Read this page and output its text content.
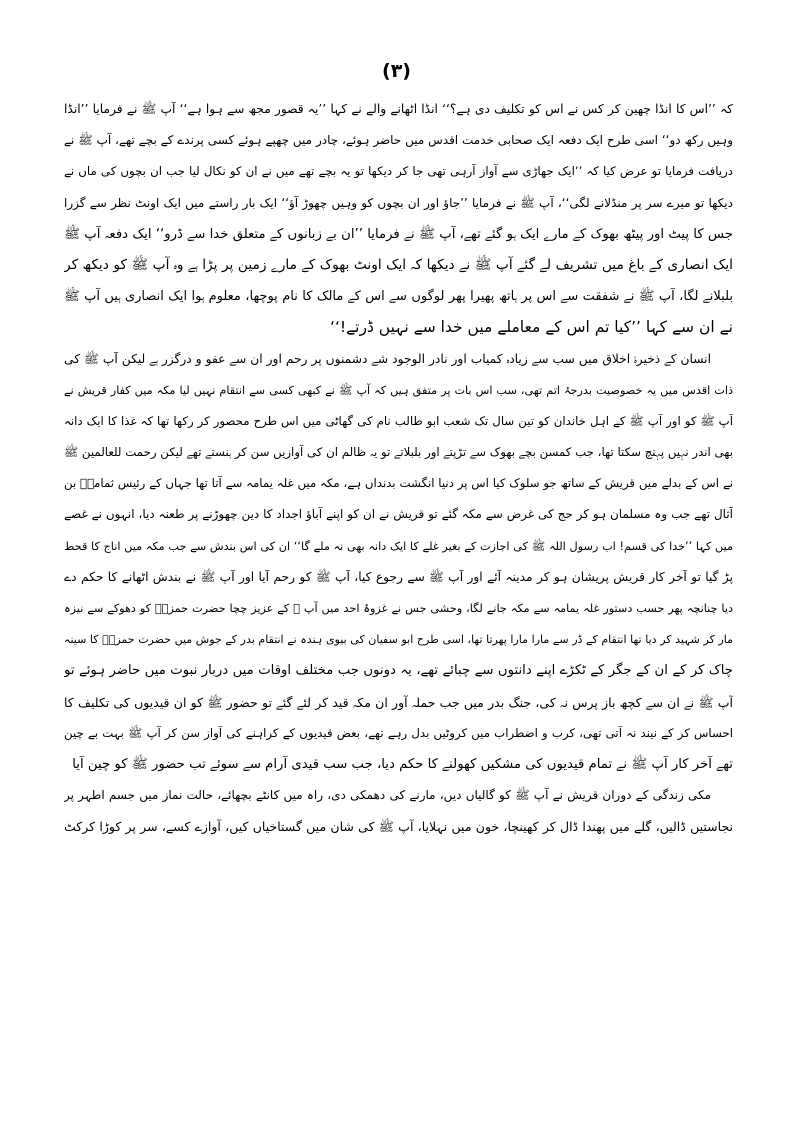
(۳)
کہ ’’اس کا انڈا چھین کر کس نے اس کو تکلیف دی ہے؟‘‘ انڈا اٹھانے والے نے کہا ’’یہ قصور مجھ سے ہوا ہے‘‘ آپ ﷺ نے فرمایا ’’انڈا
وہیں رکھ دو‘‘ اسی طرح ایک دفعہ ایک صحابی خدمت اقدس میں حاضر ہوئے، چادر میں چھپے ہوئے کسی پرندے کے بچے تھے، آپ ﷺ نے
دریافت فرمایا تو عرض کیا کہ ’’ایک جھاڑی سے آواز آرہی تھی جا کر دیکھا تو یہ بچے تھے میں نے ان کو نکال لیا جب ان بچوں کی ماں نے
دیکھا تو میرے سر پر منڈلانے لگی‘‘، آپ ﷺ نے فرمایا ’’جاؤ اور ان بچوں کو وہیں چھوڑ آؤ‘‘ ایک بار راستے میں ایک اونٹ نظر سے گزرا
جس کا پیٹ اور پیٹھ بھوک کے مارے ایک ہو گئے تھے، آپ ﷺ نے فرمایا ’’ان بے زبانوں کے متعلق خدا سے ڈرو‘‘ ایک دفعہ آپ ﷺ
ایک انصاری کے باغ میں تشریف لے گئے آپ ﷺ نے دیکھا کہ ایک اونٹ بھوک کے مارے زمین پر پڑا ہے وہ آپ ﷺ کو دیکھ کر
بلبلانے لگا، آپ ﷺ نے شفقت سے اس پر ہاتھ پھیرا پھر لوگوں سے اس کے مالک کا نام پوچھا، معلوم ہوا ایک انصاری ہیں آپ ﷺ
نے ان سے کہا ’’کیا تم اس کے معاملے میں خدا سے نہیں ڈرتے!‘‘
انسان کے ذخیرۂ اخلاق میں سب سے زیادہ کمیاب اور نادر الوجود شے دشمنوں پر رحم اور ان سے عفو و درگزر ہے لیکن آپ ﷺ کی
ذات اقدس میں یہ خصوصیت بدرجۂ اتم تھی، سب اس بات پر متفق ہیں کہ آپ ﷺ نے کبھی کسی سے انتقام نہیں لیا مکہ میں کفار قریش نے
آپ ﷺ کو اور آپ ﷺ کے اہل خاندان کو تین سال تک شعب ابو طالب نام کی گھاٹی میں اس طرح محصور کر رکھا تھا کہ غذا کا ایک دانہ
بھی اندر نہیں پہنچ سکتا تھا، جب کمسن بچے بھوک سے تڑپتے اور بلبلاتے تو یہ ظالم ان کی آوازیں سن کر ہنستے تھے لیکن رحمت للعالمین ﷺ
نے اس کے بدلے میں قریش کے ساتھ جو سلوک کیا اس پر دنیا انگشت بدنداں ہے، مکہ میں غلہ یمامہ سے آتا تھا جہاں کے رئیس ثمامہؓ بن
آثال تھے جب وہ مسلمان ہو کر حج کی غرض سے مکہ گئے تو قریش نے ان کو اپنے آباؤ اجداد کا دین چھوڑنے پر طعنہ دیا، انہوں نے غصے
میں کہا ’’خدا کی قسم! اب رسول اللہ ﷺ کی اجازت کے بغیر غلے کا ایک دانہ بھی نہ ملے گا‘‘ ان کی اس بندش سے جب مکہ میں اناج کا قحط
پڑ گیا تو آخر کار قریش پریشان ہو کر مدینہ آئے اور آپ ﷺ سے رجوع کیا، آپ ﷺ کو رحم آیا اور آپ ﷺ نے بندش اٹھانے کا حکم دے
دیا چنانچہ پھر حسب دستور غلہ یمامہ سے مکہ جانے لگا، وحشی جس نے غزوۂ احد میں آپ ﷺ کے عزیز چچا حضرت حمزہؓ کو دھوکے سے نیزہ
مار کر شہید کر دیا تھا انتقام کے ڈر سے مارا مارا پھرتا تھا، اسی طرح ابو سفیان کی بیوی ہندہ نے انتقام بدر کے جوش میں حضرت حمزہؓ کا سینہ
چاک کر کے ان کے جگر کے ٹکڑے اپنے دانتوں سے چبائے تھے، یہ دونوں جب مختلف اوقات میں دربار نبوت میں حاضر ہوئے تو
آپ ﷺ نے ان سے کچھ باز پرس نہ کی، جنگ بدر میں جب حملہ آور ان مکہ قید کر لئے گئے تو حضور ﷺ کو ان قیدیوں کی تکلیف کا
احساس کر کے نیند نہ آتی تھی، کرب و اضطراب میں کروٹیں بدل رہے تھے، بعض قیدیوں کے کراہنے کی آواز سن کر آپ ﷺ بہت بے چین
تھے آخر کار آپ ﷺ نے تمام قیدیوں کی مشکیں کھولنے کا حکم دیا، جب سب قیدی آرام سے سوئے تب حضور ﷺ کو چین آیا
مکی زندگی کے دوران قریش نے آپ ﷺ کو گالیاں دیں، مارنے کی دھمکی دی، راہ میں کانٹے بچھائے، حالت نماز میں جسم اطہر پر
نجاستیں ڈالیں، گلے میں پھندا ڈال کر کھینچا، خون میں نہلایا، آپ ﷺ کی شان میں گستاخیاں کیں، آوازے کسے، سر پر کوڑا کرکٹ
